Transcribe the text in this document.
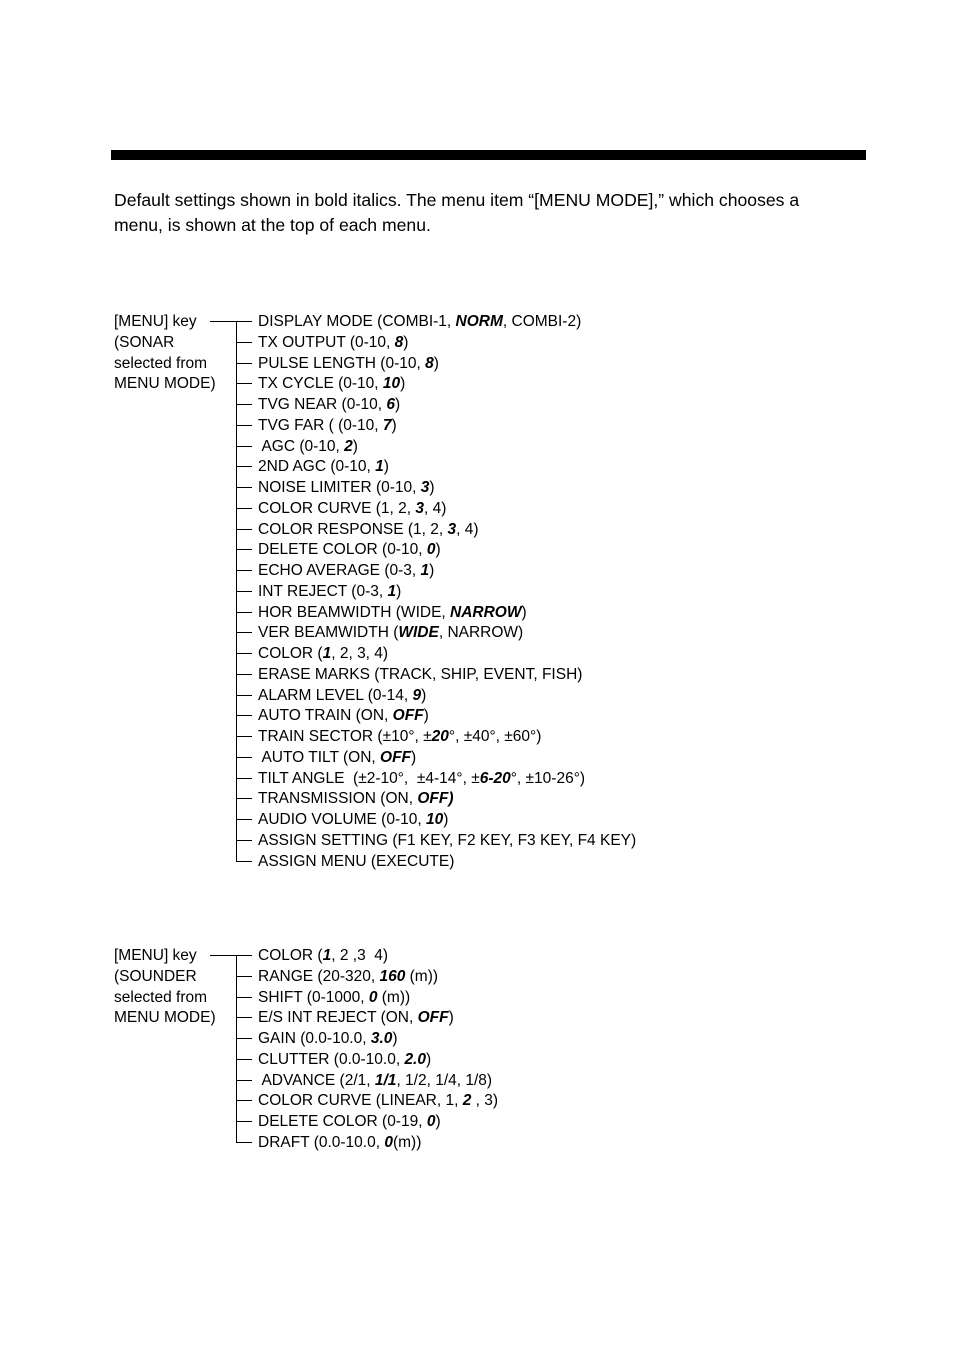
Default settings shown in bold italics. The menu item “[MENU MODE],” which chooses a

menu, is shown at the top of each menu.

[MENU] key
(SONAR
selected from
MENU MODE)
DISPLAY MODE (COMBI-1, NORM, COMBI-2)
TX OUTPUT (0-10, 8)
PULSE LENGTH (0-10, 8)
TX CYCLE (0-10, 10)
TVG NEAR (0-10, 6)
TVG FAR ( (0-10, 7)
AGC (0-10, 2)
2ND AGC (0-10, 1)
NOISE LIMITER (0-10, 3)
COLOR CURVE (1, 2, 3, 4)
COLOR RESPONSE (1, 2, 3, 4)
DELETE COLOR (0-10, 0)
ECHO AVERAGE (0-3, 1)
INT REJECT (0-3, 1)
HOR BEAMWIDTH (WIDE, NARROW)
VER BEAMWIDTH (WIDE, NARROW)
COLOR (1, 2, 3, 4)
ERASE MARKS (TRACK, SHIP, EVENT, FISH)
ALARM LEVEL (0-14, 9)
AUTO TRAIN (ON, OFF)
TRAIN SECTOR (±10°, ±20°, ±40°, ±60°)
AUTO TILT (ON, OFF)
TILT ANGLE  (±2-10°,  ±4-14°, ±6-20°, ±10-26°)
TRANSMISSION (ON, OFF)
AUDIO VOLUME (0-10, 10)
ASSIGN SETTING (F1 KEY, F2 KEY, F3 KEY, F4 KEY)
ASSIGN MENU (EXECUTE)
[MENU] key
(SOUNDER
selected from
MENU MODE)
COLOR (1, 2 ,3  4)
RANGE (20-320, 160 (m))
SHIFT (0-1000, 0 (m))
E/S INT REJECT (ON, OFF)
GAIN (0.0-10.0, 3.0)
CLUTTER (0.0-10.0, 2.0)
ADVANCE (2/1, 1/1, 1/2, 1/4, 1/8)
COLOR CURVE (LINEAR, 1, 2 , 3)
DELETE COLOR (0-19, 0)
DRAFT (0.0-10.0, 0(m))
